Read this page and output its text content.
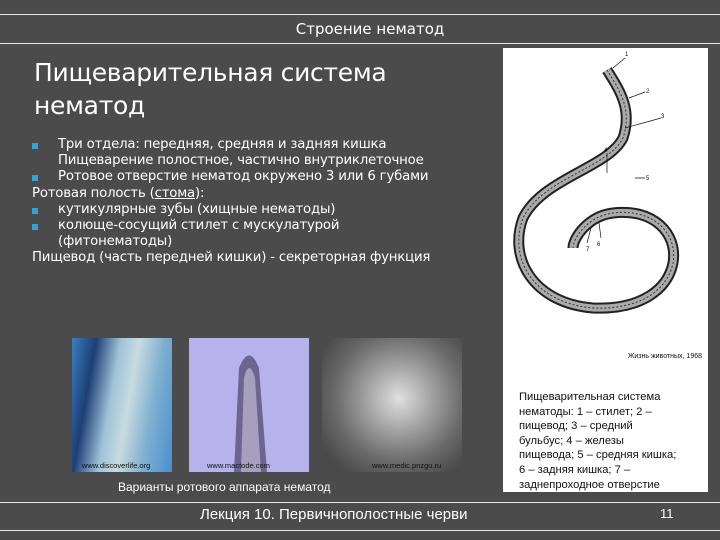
Строение нематод
Пищеварительная система
нематод
Три отдела: передняя, средняя и задняя кишка
Пищеварение полостное, частично внутриклеточное
Ротовое отверстие нематод окружено 3 или 6 губами
Ротовая полость (стома):
кутикулярные зубы (хищные нематоды)
колюще-сосущий стилет с мускулатурой
(фитонематоды)
Пищевод (часть передней кишки) - секреторная функция
1
2
3
4
5
6
7
Жизнь животных, 1968
Пищеварительная система
нематоды: 1 – стилет; 2 –
пищевод; 3 – средний
бульбус; 4 – железы
пищевода; 5 – средняя кишка;
6 – задняя кишка; 7 –
заднепроходное отверстие
www.discoverlife.org	www.mactode.com	www.medic.pnzgu.ru
Варианты ротового аппарата нематод
Лекция 10. Первичнополостные черви	11
